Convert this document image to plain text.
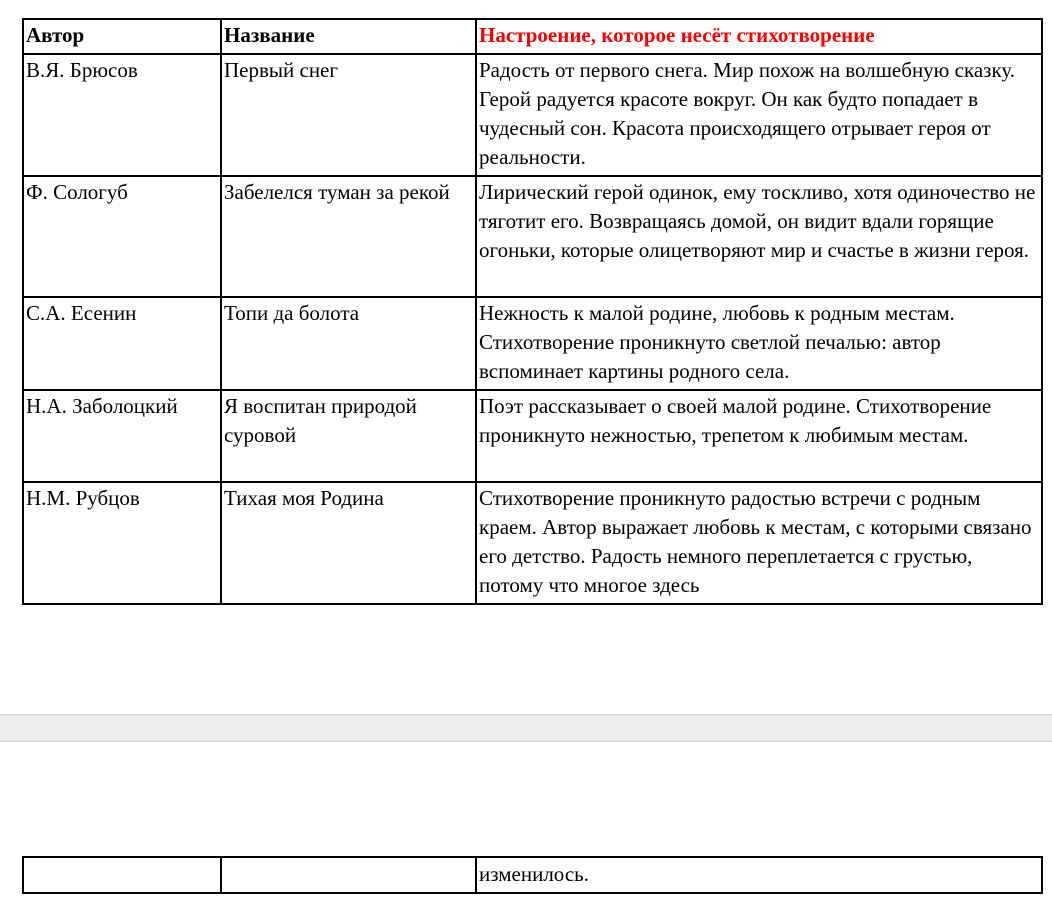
Автор	Название	Настроение, которое несёт стихотворение
В.Я. Брюсов	Первый снег	Радость от первого снега. Мир похож на волшебную сказку. Герой радуется красоте вокруг. Он как будто попадает в чудесный сон. Красота происходящего отрывает героя от реальности.
Ф. Сологуб	Забелелся туман за рекой	Лирический герой одинок, ему тоскливо, хотя одиночество не тяготит его. Возвращаясь домой, он видит вдали горящие огоньки, которые олицетворяют мир и счастье в жизни героя.
С.А. Есенин	Топи да болота	Нежность к малой родине, любовь к родным местам. Стихотворение проникнуто светлой печалью: автор вспоминает картины родного села.
Н.А. Заболоцкий	Я воспитан природой суровой	Поэт рассказывает о своей малой родине. Стихотворение проникнуто нежностью, трепетом к любимым местам.
Н.М. Рубцов	Тихая моя Родина	Стихотворение проникнуто радостью встречи с родным краем. Автор выражает любовь к местам, с которыми связано его детство. Радость немного переплетается с грустью, потому что многое здесь
		изменилось.
